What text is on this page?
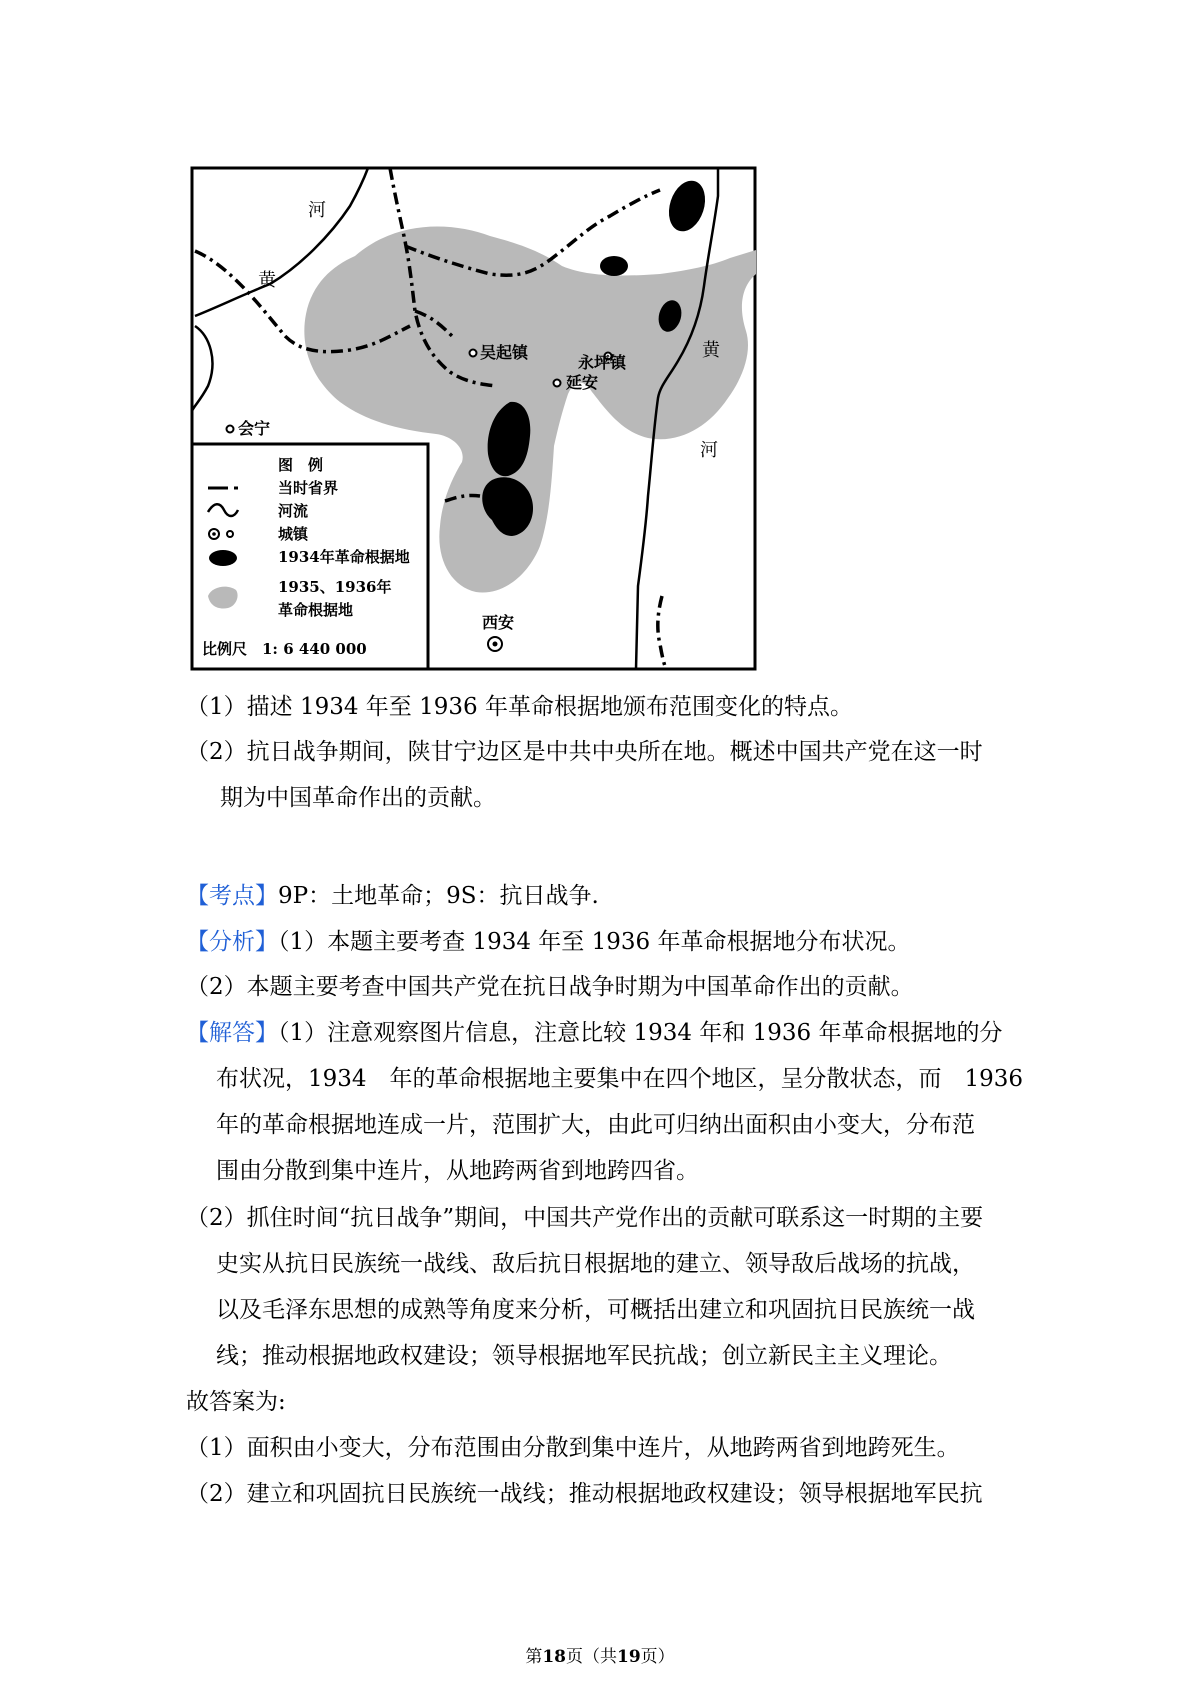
河
黄
吴起镇
永坪镇
延安
会宁
黄
河
西安
图　例
当时省界
河流
城镇
1934年革命根据地
1935、1936年
革命根据地
比例尺　1: 6 440 000
（1）描述 1934 年至 1936 年革命根据地颁布范围变化的特点。
（2）抗日战争期间，陕甘宁边区是中共中央所在地。概述中国共产党在这一时
期为中国革命作出的贡献。
【考点】9P：土地革命；9S：抗日战争.
【分析】（1）本题主要考查 1934 年至 1936 年革命根据地分布状况。
（2）本题主要考查中国共产党在抗日战争时期为中国革命作出的贡献。
【解答】（1）注意观察图片信息，注意比较 1934 年和 1936 年革命根据地的分
布状况，1934　年的革命根据地主要集中在四个地区，呈分散状态，而　1936
年的革命根据地连成一片，范围扩大，由此可归纳出面积由小变大，分布范
围由分散到集中连片，从地跨两省到地跨四省。
（2）抓住时间“抗日战争”期间，中国共产党作出的贡献可联系这一时期的主要
史实从抗日民族统一战线、敌后抗日根据地的建立、领导敌后战场的抗战，
以及毛泽东思想的成熟等角度来分析，可概括出建立和巩固抗日民族统一战
线；推动根据地政权建设；领导根据地军民抗战；创立新民主主义理论。
故答案为:
（1）面积由小变大，分布范围由分散到集中连片，从地跨两省到地跨死生。
（2）建立和巩固抗日民族统一战线；推动根据地政权建设；领导根据地军民抗
第18页（共19页）
